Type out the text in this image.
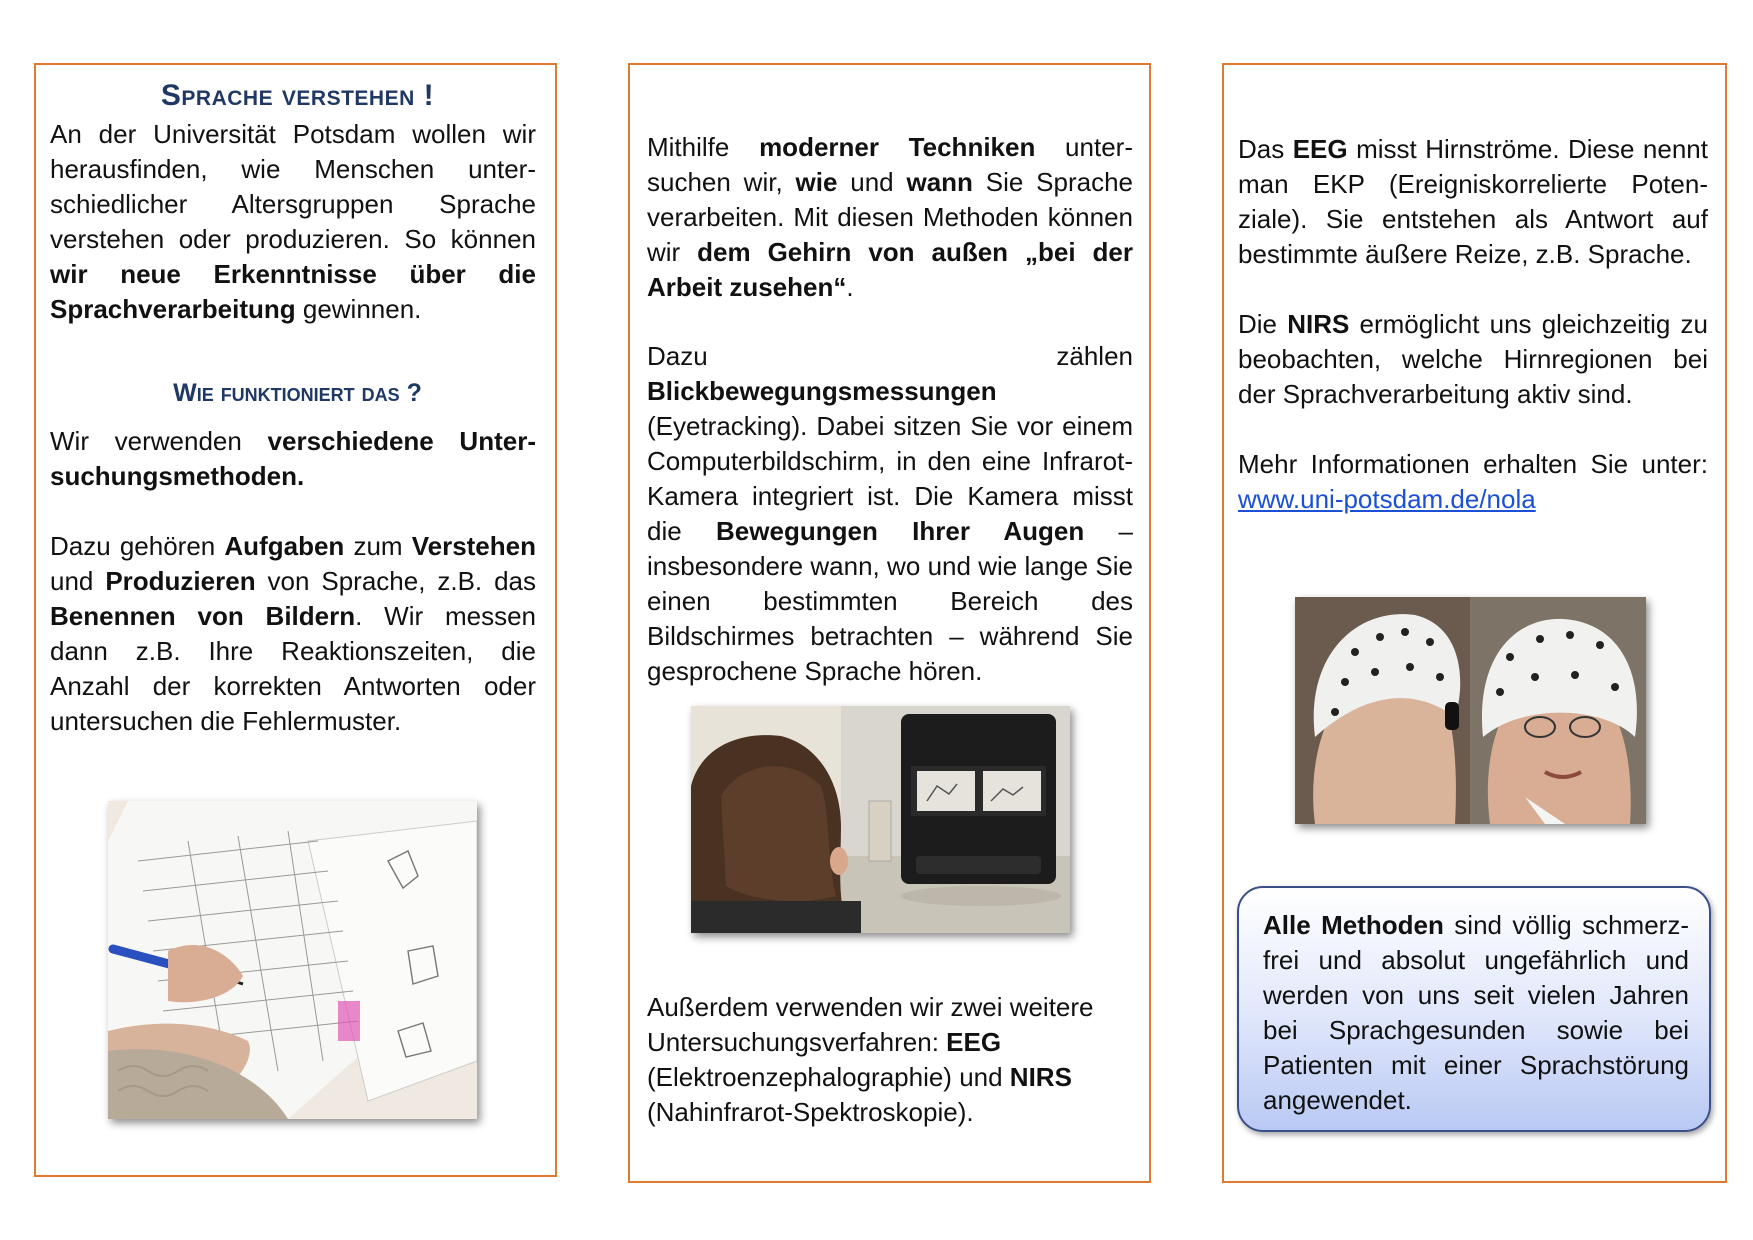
Sprache verstehen !

An der Universität Potsdam wollen wir herausfinden, wie Menschen unterschiedlicher Altersgruppen Sprache verstehen oder produzieren. So können wir neue Erkenntnisse über die Sprachverarbeitung gewinnen.

Wie funktioniert das ?

Wir verwenden verschiedene Untersuchungsmethoden.

Dazu gehören Aufgaben zum Verstehen und Produzieren von Sprache, z.B. das Benennen von Bildern. Wir messen dann z.B. Ihre Reaktionszeiten, die Anzahl der korrekten Antworten oder untersuchen die Fehlermuster.

Mithilfe moderner Techniken untersuchen wir, wie und wann Sie Sprache verarbeiten. Mit diesen Methoden können wir dem Gehirn von außen „bei der Arbeit zusehen“.

Dazu zählen Blickbewegungsmessungen (Eyetracking). Dabei sitzen Sie vor einem Computerbildschirm, in den eine Infrarot-Kamera integriert ist. Die Kamera misst die Bewegungen Ihrer Augen – insbesondere wann, wo und wie lange Sie einen bestimmten Bereich des Bildschirmes betrachten – während Sie gesprochene Sprache hören.

Außerdem verwenden wir zwei weitere Untersuchungsverfahren: EEG (Elektroenzephalographie) und NIRS (Nahinfrarot-Spektroskopie).

Das EEG misst Hirnströme. Diese nennt man EKP (Ereigniskorrelierte Potenziale). Sie entstehen als Antwort auf bestimmte äußere Reize, z.B. Sprache.

Die NIRS ermöglicht uns gleichzeitig zu beobachten, welche Hirnregionen bei der Sprachverarbeitung aktiv sind.

Mehr Informationen erhalten Sie unter: www.uni-potsdam.de/nola

Alle Methoden sind völlig schmerzfrei und absolut ungefährlich und werden von uns seit vielen Jahren bei Sprachgesunden sowie bei Patienten mit einer Sprachstörung angewendet.
